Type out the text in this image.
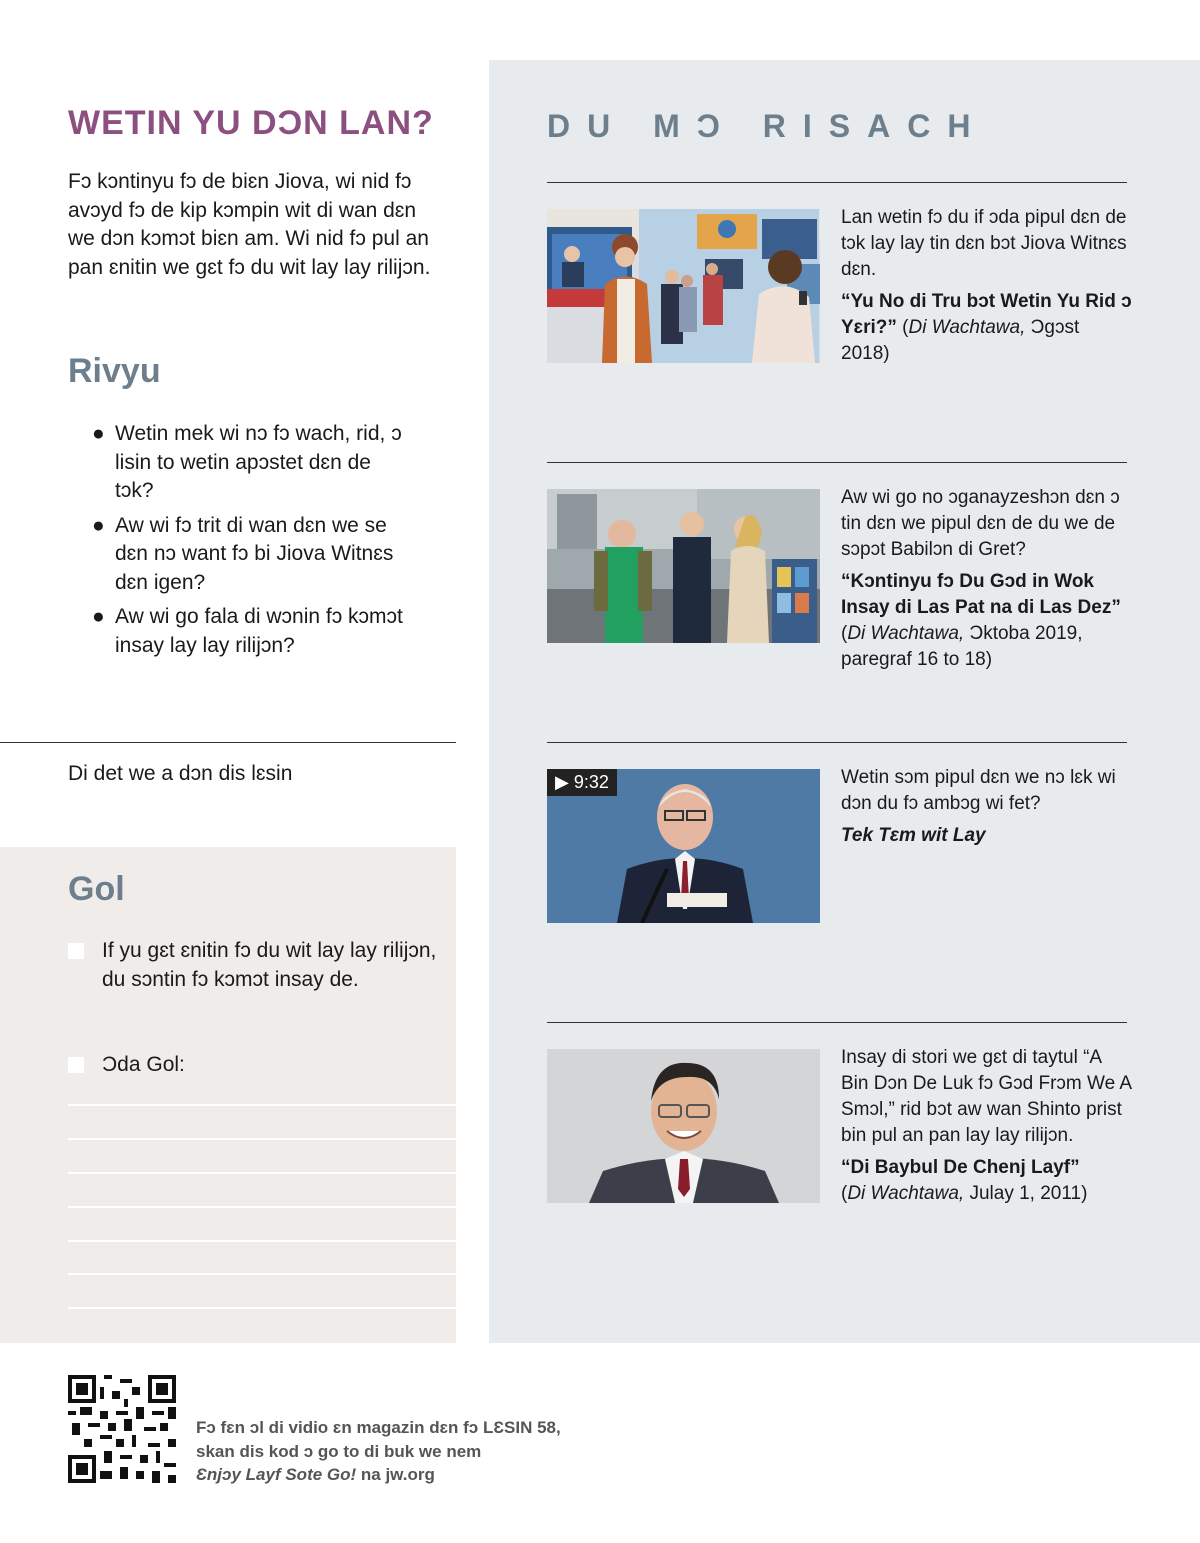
WETIN YU DƆN LAN?
Fɔ kɔntinyu fɔ de biɛn Jiova, wi nid fɔ avɔyd fɔ de kip kɔmpin wit di wan dɛn we dɔn kɔmɔt biɛn am. Wi nid fɔ pul an pan ɛnitin we gɛt fɔ du wit lay lay rilijɔn.
Rivyu
● Wetin mek wi nɔ fɔ wach, rid, ɔ lisin to wetin apɔstet dɛn de tɔk?
● Aw wi fɔ trit di wan dɛn we se dɛn nɔ want fɔ bi Jiova Witnɛs dɛn igen?
● Aw wi go fala di wɔnin fɔ kɔmɔt insay lay lay rilijɔn?
Di det we a dɔn dis lɛsin
Gol
If yu gɛt ɛnitin fɔ du wit lay lay rilijɔn, du sɔntin fɔ kɔmɔt insay de.
Ɔda Gol:
DU MƆ RISACH
Lan wetin fɔ du if ɔda pipul dɛn de tɔk lay lay tin dɛn bɔt Jiova Witnɛs dɛn.
“Yu No di Tru bɔt Wetin Yu Rid ɔ Yɛri?” (Di Wachtawa, Ɔgɔst 2018)
Aw wi go no ɔganayzeshɔn dɛn ɔ tin dɛn we pipul dɛn de du we de sɔpɔt Babilɔn di Gret?
“Kɔntinyu fɔ Du Gɔd in Wok Insay di Las Pat na di Las Dez” (Di Wachtawa, Ɔktoba 2019, paregraf 16 to 18)
▶ 9:32	Wetin sɔm pipul dɛn we nɔ lɛk wi dɔn du fɔ ambɔg wi fet?
Tek Tɛm wit Lay
Insay di stori we gɛt di taytul “A Bin Dɔn De Luk fɔ Gɔd Frɔm We A Smɔl,” rid bɔt aw wan Shinto prist bin pul an pan lay lay rilijɔn.
“Di Baybul De Chenj Layf”
(Di Wachtawa, Julay 1, 2011)
Fɔ fɛn ɔl di vidio ɛn magazin dɛn fɔ LƐSIN 58,
skan dis kod ɔ go to di buk we nem
Ɛnjɔy Layf Sote Go! na jw.org
